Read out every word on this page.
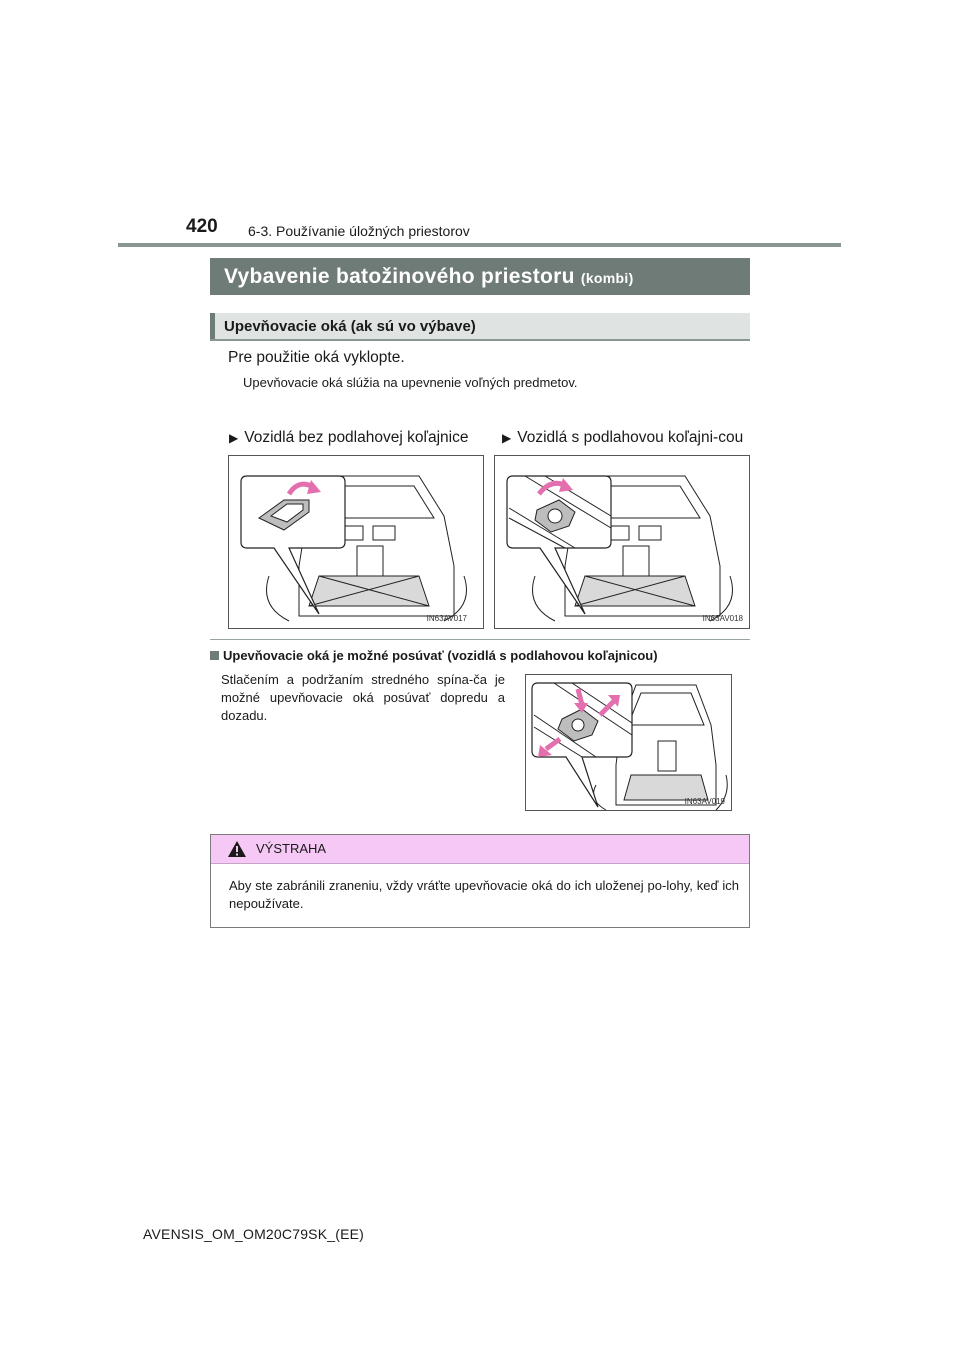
420 6-3. Používanie úložných priestorov
Vybavenie batožinového priestoru (kombi)
Upevňovacie oká (ak sú vo výbave)
Pre použitie oká vyklopte.
Upevňovacie oká slúžia na upevnenie voľných predmetov.
▶ Vozidlá bez podlahovej koľajnice	▶ Vozidlá s podlahovou koľajni-cou
IN63AV017	IN63AV018
Upevňovacie oká je možné posúvať (vozidlá s podlahovou koľajnicou)
Stlačením a podržaním stredného spína-ča je možné upevňovacie oká posúvať dopredu a dozadu.
IN63AV019
VÝSTRAHA
Aby ste zabránili zraneniu, vždy vráťte upevňovacie oká do ich uloženej po-lohy, keď ich nepoužívate.
AVENSIS_OM_OM20C79SK_(EE)
